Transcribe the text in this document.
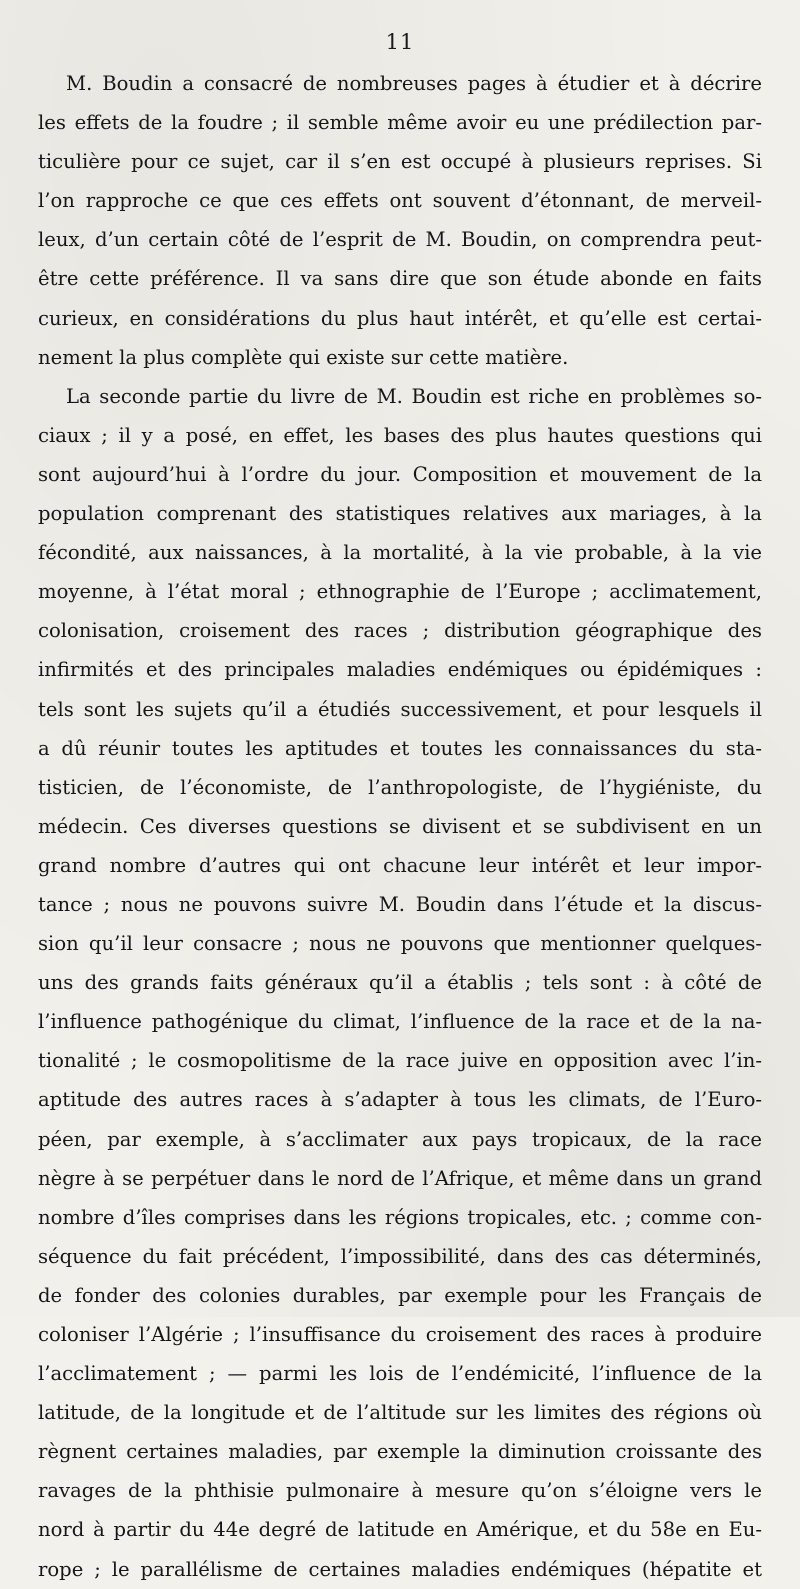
11
M. Boudin a consacré de nombreuses pages à étudier et à décrire
les effets de la foudre ; il semble même avoir eu une prédilection par-
ticulière pour ce sujet, car il s’en est occupé à plusieurs reprises. Si
l’on rapproche ce que ces effets ont souvent d’étonnant, de merveil-
leux, d’un certain côté de l’esprit de M. Boudin, on comprendra peut-
être cette préférence. Il va sans dire que son étude abonde en faits
curieux, en considérations du plus haut intérêt, et qu’elle est certai-
nement la plus complète qui existe sur cette matière.
La seconde partie du livre de M. Boudin est riche en problèmes so-
ciaux ; il y a posé, en effet, les bases des plus hautes questions qui
sont aujourd’hui à l’ordre du jour. Composition et mouvement de la
population comprenant des statistiques relatives aux mariages, à la
fécondité, aux naissances, à la mortalité, à la vie probable, à la vie
moyenne, à l’état moral ; ethnographie de l’Europe ; acclimatement,
colonisation, croisement des races ; distribution géographique des
infirmités et des principales maladies endémiques ou épidémiques :
tels sont les sujets qu’il a étudiés successivement, et pour lesquels il
a dû réunir toutes les aptitudes et toutes les connaissances du sta-
tisticien, de l’économiste, de l’anthropologiste, de l’hygiéniste, du
médecin. Ces diverses questions se divisent et se subdivisent en un
grand nombre d’autres qui ont chacune leur intérêt et leur impor-
tance ; nous ne pouvons suivre M. Boudin dans l’étude et la discus-
sion qu’il leur consacre ; nous ne pouvons que mentionner quelques-
uns des grands faits généraux qu’il a établis ; tels sont : à côté de
l’influence pathogénique du climat, l’influence de la race et de la na-
tionalité ; le cosmopolitisme de la race juive en opposition avec l’in-
aptitude des autres races à s’adapter à tous les climats, de l’Euro-
péen, par exemple, à s’acclimater aux pays tropicaux, de la race
nègre à se perpétuer dans le nord de l’Afrique, et même dans un grand
nombre d’îles comprises dans les régions tropicales, etc. ; comme con-
séquence du fait précédent, l’impossibilité, dans des cas déterminés,
de fonder des colonies durables, par exemple pour les Français de
coloniser l’Algérie ; l’insuffisance du croisement des races à produire
l’acclimatement ; — parmi les lois de l’endémicité, l’influence de la
latitude, de la longitude et de l’altitude sur les limites des régions où
règnent certaines maladies, par exemple la diminution croissante des
ravages de la phthisie pulmonaire à mesure qu’on s’éloigne vers le
nord à partir du 44e degré de latitude en Amérique, et du 58e en Eu-
rope ; le parallélisme de certaines maladies endémiques (hépatite et
